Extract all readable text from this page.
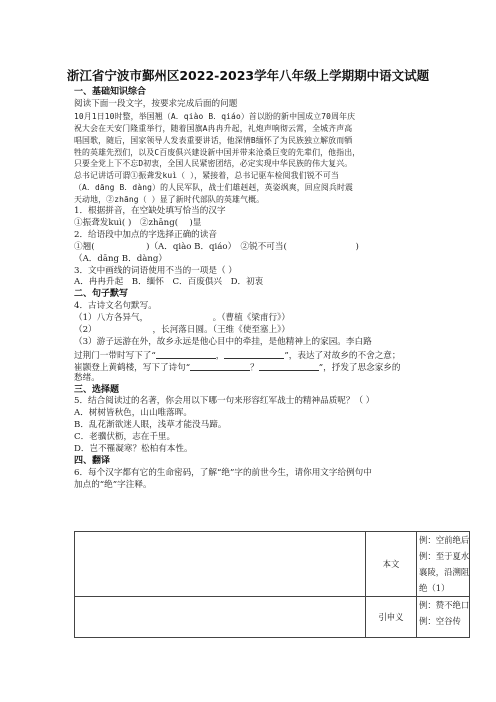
浙江省宁波市鄞州区2022-2023学年八年级上学期期中语文试题
一、基础知识综合
阅读下面一段文字，按要求完成后面的问题
10月1日10时整，举国翘（A．qiào B．qiáo）首以盼的新中国成立70周年庆
祝大会在天安门隆重举行，随着国旗A冉冉升起，礼炮声响彻云霄，全城齐声高
唱国歌，随后，国家领导人发表重要讲话，他深情B缅怀了为民族独立解放而牺
牲的英雄先烈们，以及C百废俱兴建设新中国并带来沧桑巨变的先辈们，他指出，
只要全党上下不忘D初衷，全国人民紧密团结，必定实现中华民族的伟大复兴。
总书记讲话可谓①振聋发kuì（ ），紧接着，总书记驱车检阅我们锐不可当
（A．dāng B．dàng）的人民军队，战士们雄赳赳，英姿飒爽，回应阅兵时震
天动地，②zhāng（ ）显了新时代部队的英雄气概。
1．根据拼音，在空缺处填写恰当的汉字
①振聋发kuì( )　②zhāng(　 )显
2．给语段中加点的字选择正确的读音
①翘(　　　　　　)（A．qiào B．qiáo）　②锐不可当(　　　　　　　　)
（A．dāng B．dàng）
3．文中画线的词语使用不当的一项是（ ）
A．冉冉升起　B．缅怀　C．百废俱兴　D．初衷
二、句子默写
4．古诗文名句默写。
（1）八方各异气，　　　　　　　　。（曹植《梁甫行》）
（2）　　　　　　　，长河落日圆。（王维《使至塞上》）
（3）游子远游在外，故乡永远是他心目中的牵挂，是他精神上的家园。李白路
过荆门一带时写下了“	，	”，表达了对故乡的不舍之意；
崔颢登上黄鹤楼，写下了诗句“	？	”，抒发了思念家乡的
愁绪。
三、选择题
5．结合阅读过的名著，你会用以下哪一句来形容红军战士的精神品质呢？（ ）
A．树树皆秋色，山山唯落晖。
B．乱花渐欲迷人眼，浅草才能没马蹄。
C．老骥伏枥，志在千里。
D．岂不罹凝寒？松柏有本性。
四、翻译
6．每个汉字都有它的生命密码，了解“绝”字的前世今生，请你用文字给例句中
加点的“绝”字注释。
	本文	例：空前绝后
例：至于夏水
襄陵，沿溯阻
绝（1）

	引申义	例：赞不绝口
例：空谷传
